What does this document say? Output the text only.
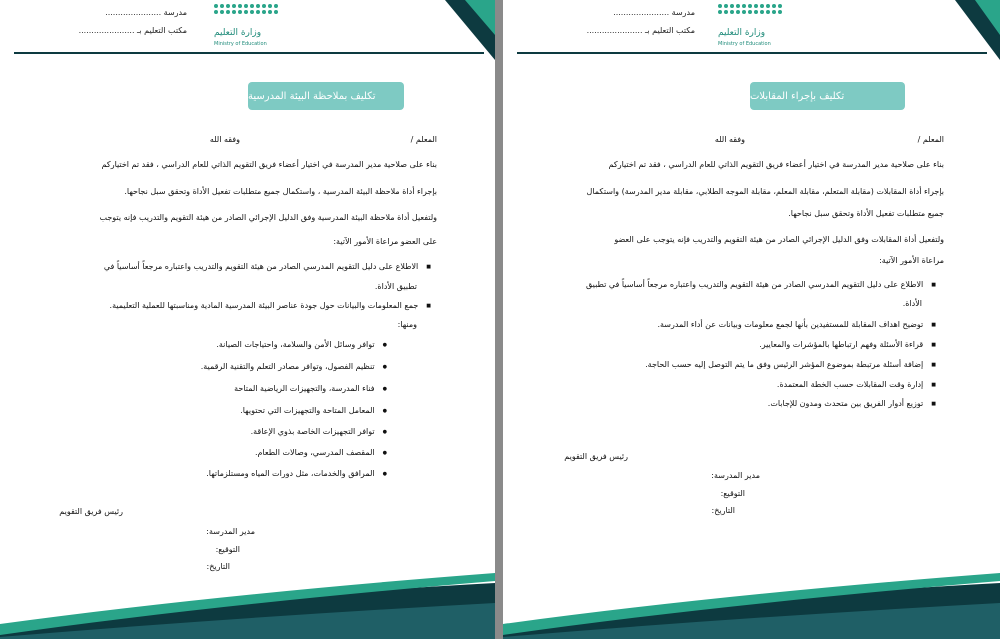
مدرسة ......................
مكتب التعليم بـ ......................	وزارة التعليم
Ministry of Education
تكليف بملاحظة البيئة المدرسية
المعلم /
وفقه الله
بناء على صلاحية مدير المدرسة في اختيار أعضاء فريق التقويم الذاتي للعام الدراسي ، فقد تم اختياركم
بإجراء أداة ملاحظة البيئة المدرسية ، واستكمال جميع متطلبات تفعيل الأداة وتحقق سبل نجاحها.
ولتفعيل أداة ملاحظة البيئة المدرسية وفق الدليل الإجرائي الصادر من هيئة التقويم والتدريب فإنه يتوجب
على العضو مراعاة الأمور الآتية:
■ الاطلاع على دليل التقويم المدرسي الصادر من هيئة التقويم والتدريب واعتباره مرجعاً أساسياً في
تطبيق الأداة.
■ جمع المعلومات والبيانات حول جودة عناصر البيئة المدرسية المادية ومناسبتها للعملية التعليمية.
ومنها:
● توافر وسائل الأمن والسلامة، واحتياجات الصيانة.
● تنظيم الفصول، وتوافر مصادر التعلم والتقنية الرقمية.
● فناء المدرسة، والتجهيزات الرياضية المتاحة
● المعامل المتاحة والتجهيزات التي تحتويها.
● توافر التجهيزات الخاصة بذوي الإعاقة.
● المقصف المدرسي، وصالات الطعام.
● المرافق والخدمات، مثل دورات المياه ومستلزماتها.
رئيس فريق التقويم
مدير المدرسة:
التوقيع:
التاريخ:
مدرسة ......................
مكتب التعليم بـ ......................	وزارة التعليم
Ministry of Education
تكليف بإجراء المقابلات
المعلم /
وفقه الله
بناء على صلاحية مدير المدرسة في اختيار أعضاء فريق التقويم الذاتي للعام الدراسي ، فقد تم اختياركم
بإجراء أداة المقابلات (مقابلة المتعلم، مقابلة المعلم، مقابلة الموجه الطلابي، مقابلة مدير المدرسة) واستكمال
جميع متطلبات تفعيل الأداة وتحقق سبل نجاحها.
ولتفعيل أداة المقابلات وفق الدليل الإجرائي الصادر من هيئة التقويم والتدريب فإنه يتوجب على العضو
مراعاة الأمور الآتية:
■ الاطلاع على دليل التقويم المدرسي الصادر من هيئة التقويم والتدريب واعتباره مرجعاً أساسياً في تطبيق
الأداة.
■ توضيح اهداف المقابلة للمستفيدين بأنها لجمع معلومات وبيانات عن أداء المدرسة.
■ قراءة الأسئلة وفهم ارتباطها بالمؤشرات والمعايير.
■ إضافة أسئلة مرتبطة بموضوع المؤشر الرئيس وفق ما يتم التوصل إليه حسب الحاجة.
■ إدارة وقت المقابلات حسب الخطة المعتمدة.
■ توزيع أدوار الفريق بين متحدث ومدون للإجابات.
رئيس فريق التقويم
مدير المدرسة:
التوقيع:
التاريخ:
